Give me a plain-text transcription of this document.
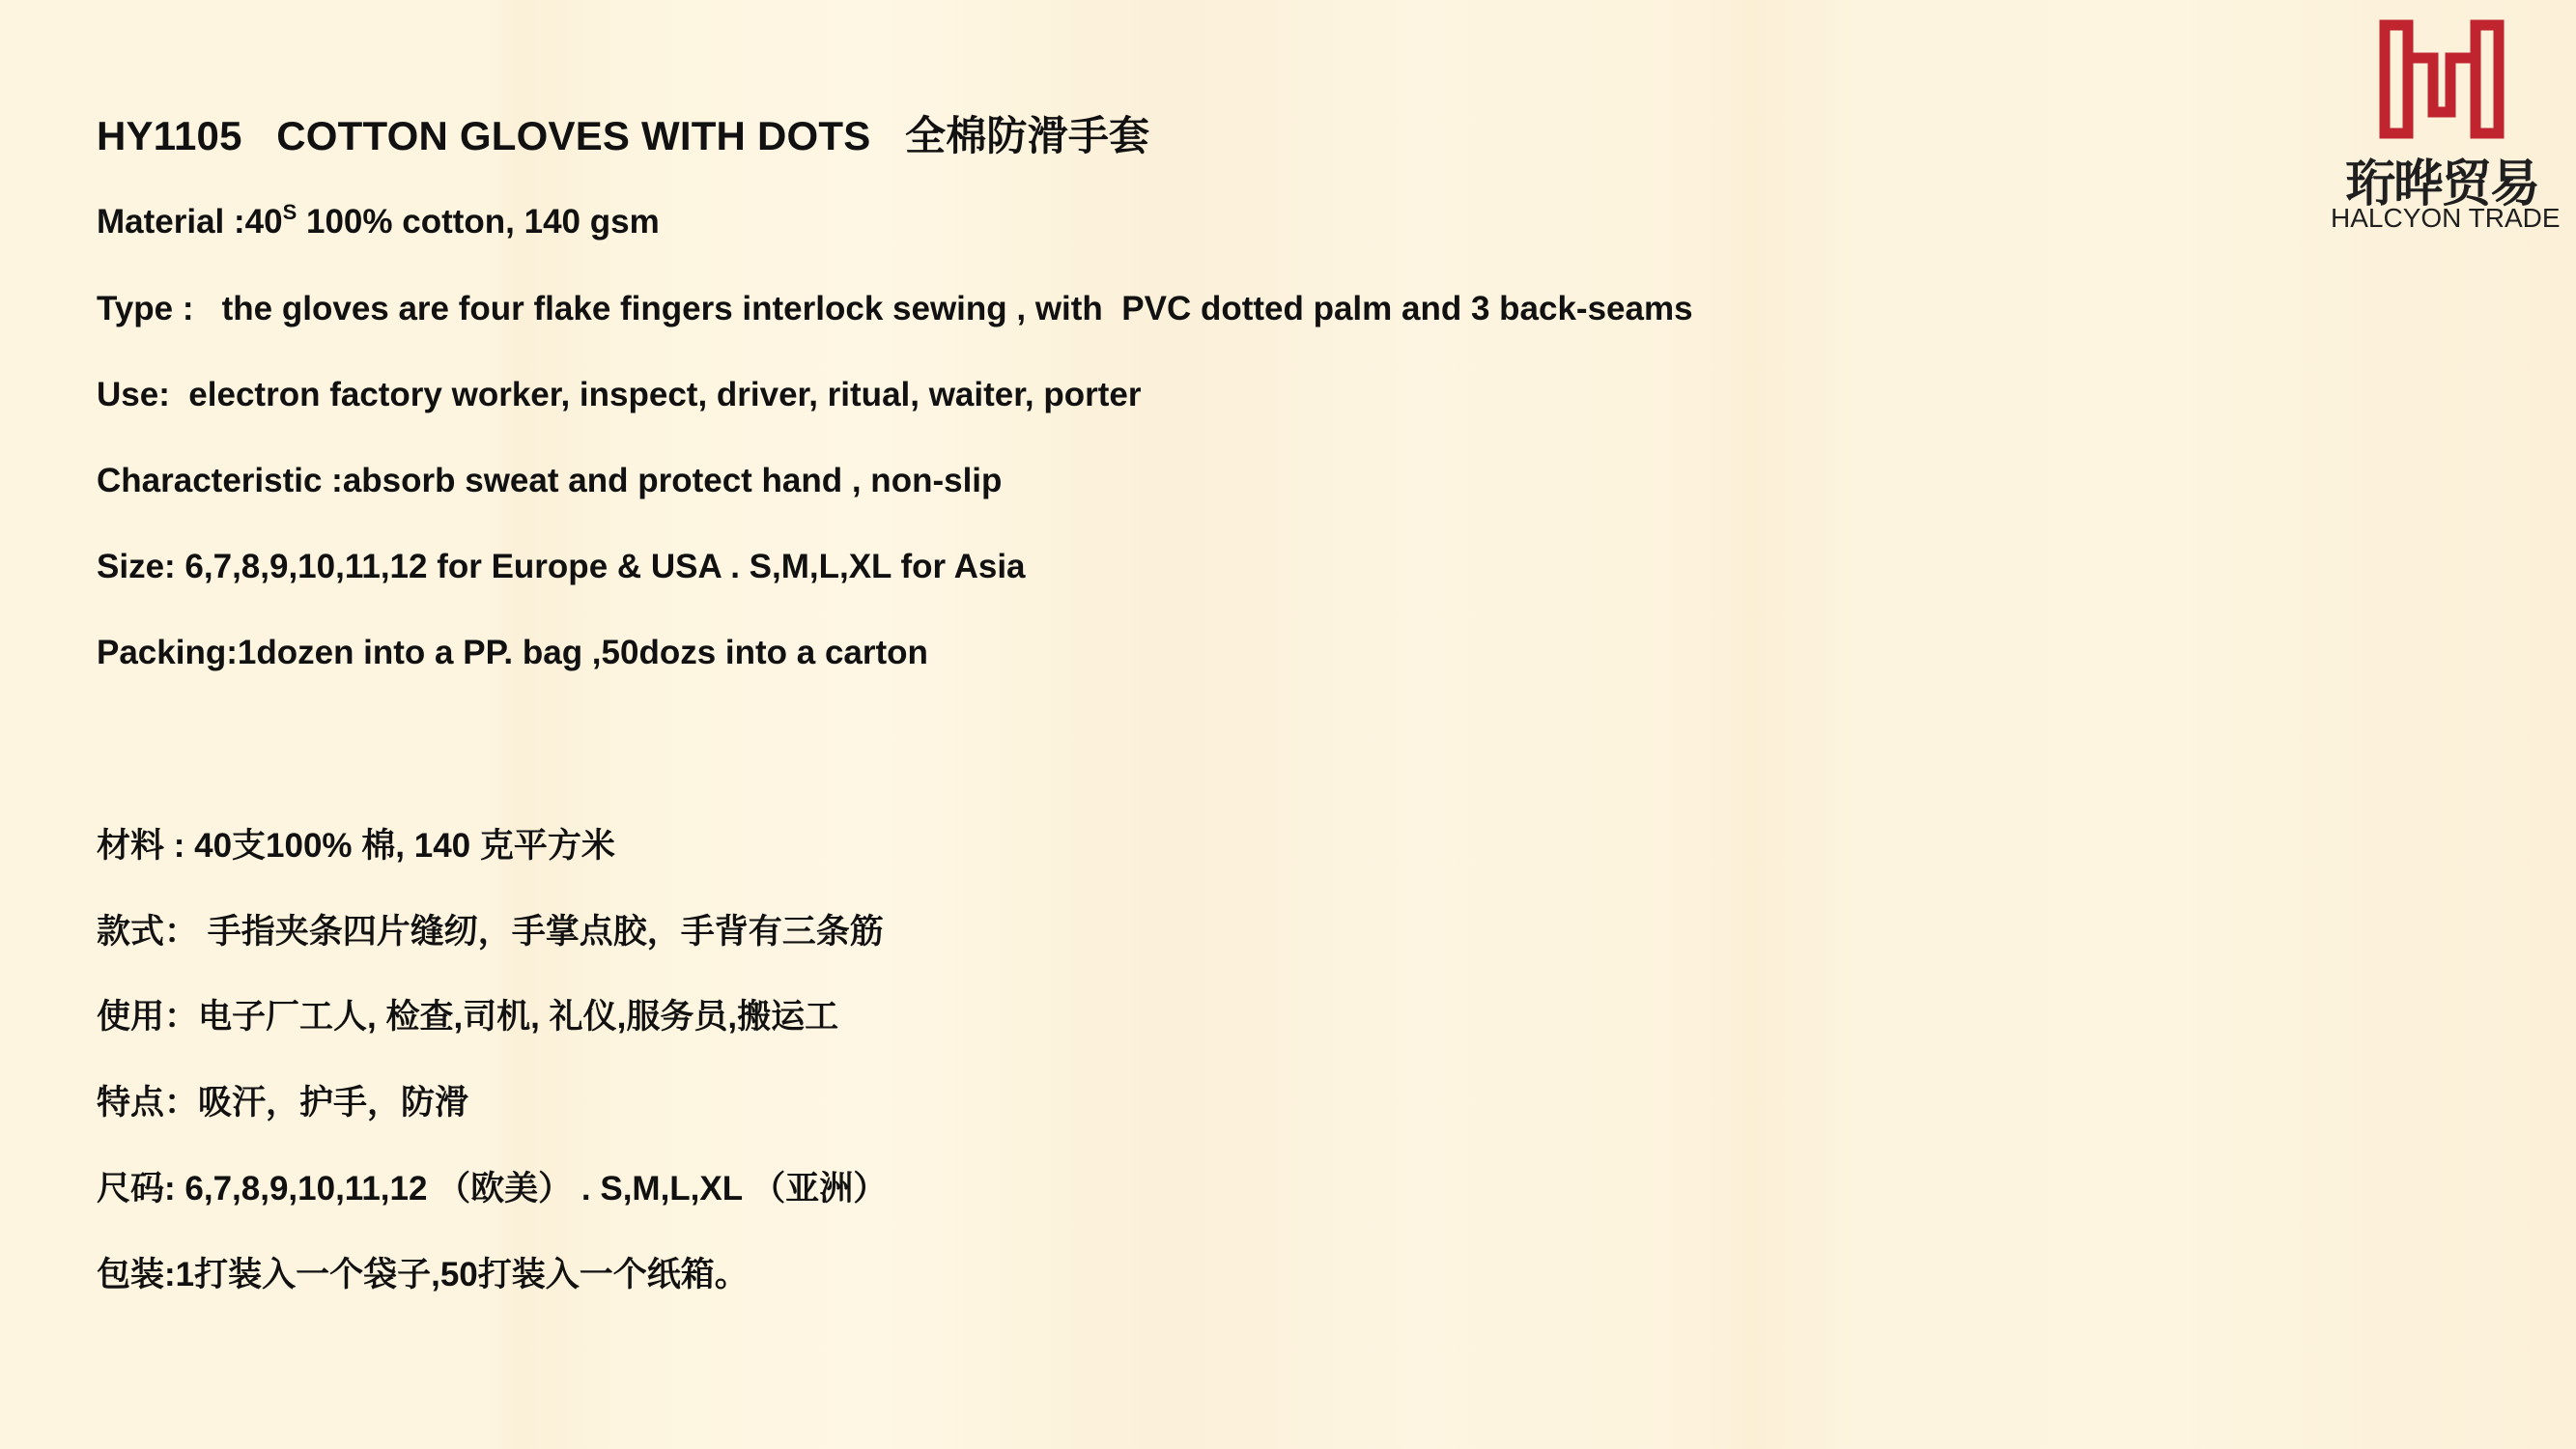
HY1105   COTTON GLOVES WITH DOTS   全棉防滑手套
Material $:40^S$ 100% cotton, 140 gsm
Type :   the gloves are four flake fingers interlock sewing , with  PVC dotted palm and 3 back-seams
Use:  electron factory worker, inspect, driver, ritual, waiter, porter
Characteristic :absorb sweat and protect hand , non-slip
Size: 6,7,8,9,10,11,12 for Europe & USA . S,M,L,XL for Asia
Packing:1dozen into a PP. bag ,50dozs into a carton
材料 : 40支100% 棉, 140 克平方米
款式： 手指夹条四片缝纫，手掌点胶，手背有三条筋
使用：电子厂工人, 检查,司机, 礼仪,服务员,搬运工
特点：吸汗，护手，防滑
尺码: 6,7,8,9,10,11,12 （欧美） . S,M,L,XL （亚洲）
包装:1打装入一个袋子,50打装入一个纸箱。
珩晔贸易
HALCYON TRADE
